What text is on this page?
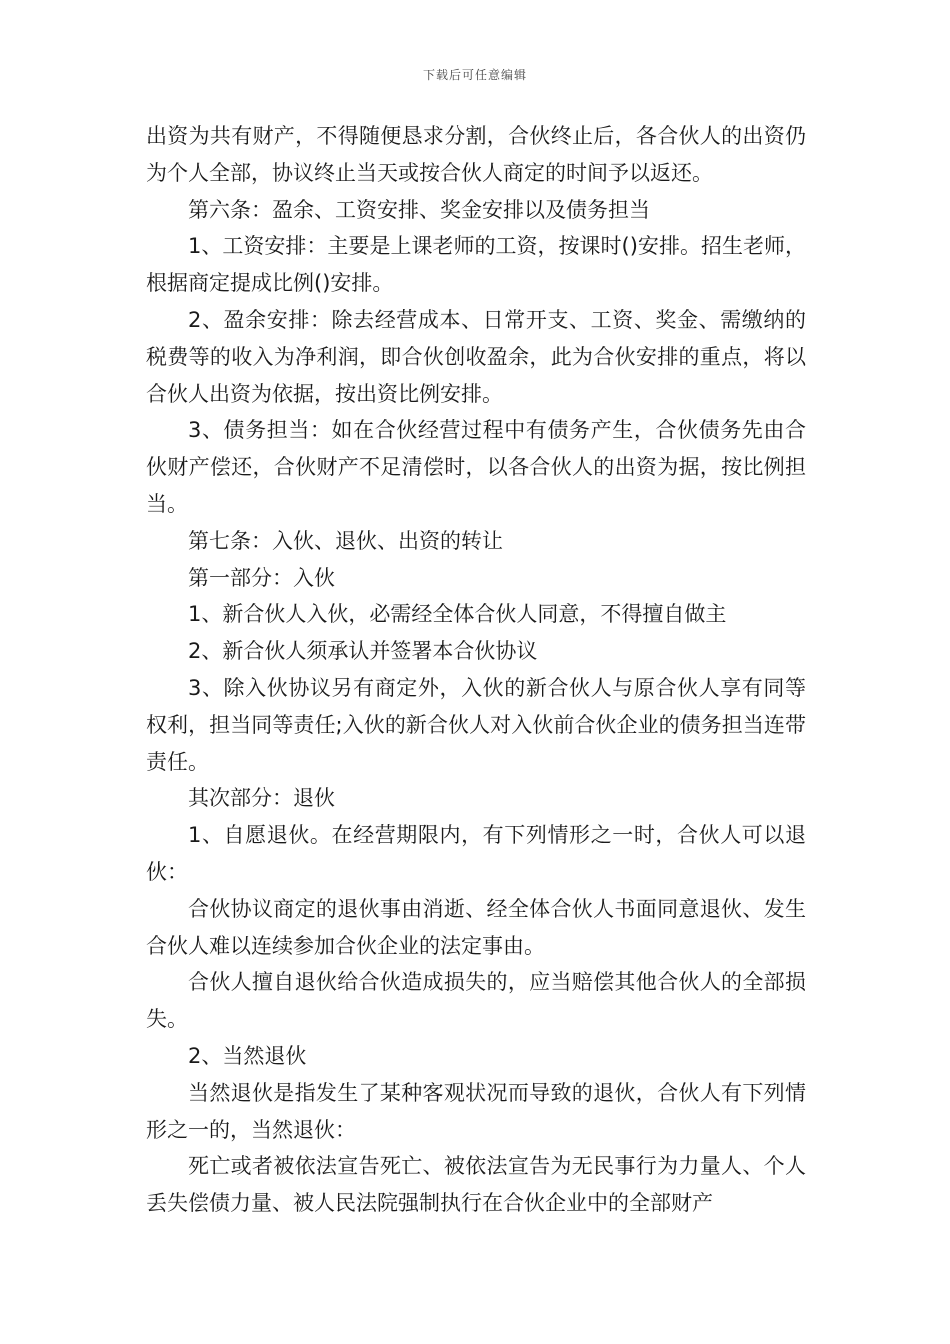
下载后可任意编辑

出资为共有财产，不得随便恳求分割，合伙终止后，各合伙人的出资仍为个人全部，协议终止当天或按合伙人商定的时间予以返还。

第六条：盈余、工资安排、奖金安排以及债务担当

1、工资安排：主要是上课老师的工资，按课时()安排。招生老师，根据商定提成比例()安排。

2、盈余安排：除去经营成本、日常开支、工资、奖金、需缴纳的税费等的收入为净利润，即合伙创收盈余，此为合伙安排的重点，将以合伙人出资为依据，按出资比例安排。

3、债务担当：如在合伙经营过程中有债务产生，合伙债务先由合伙财产偿还，合伙财产不足清偿时，以各合伙人的出资为据，按比例担当。

第七条：入伙、退伙、出资的转让

第一部分：入伙

1、新合伙人入伙，必需经全体合伙人同意，不得擅自做主

2、新合伙人须承认并签署本合伙协议

3、除入伙协议另有商定外，入伙的新合伙人与原合伙人享有同等权利，担当同等责任;入伙的新合伙人对入伙前合伙企业的债务担当连带责任。

其次部分：退伙

1、自愿退伙。在经营期限内，有下列情形之一时，合伙人可以退伙：

合伙协议商定的退伙事由消逝、经全体合伙人书面同意退伙、发生合伙人难以连续参加合伙企业的法定事由。

合伙人擅自退伙给合伙造成损失的，应当赔偿其他合伙人的全部损失。

2、当然退伙

当然退伙是指发生了某种客观状况而导致的退伙，合伙人有下列情形之一的，当然退伙：

死亡或者被依法宣告死亡、被依法宣告为无民事行为力量人、个人丢失偿债力量、被人民法院强制执行在合伙企业中的全部财产
